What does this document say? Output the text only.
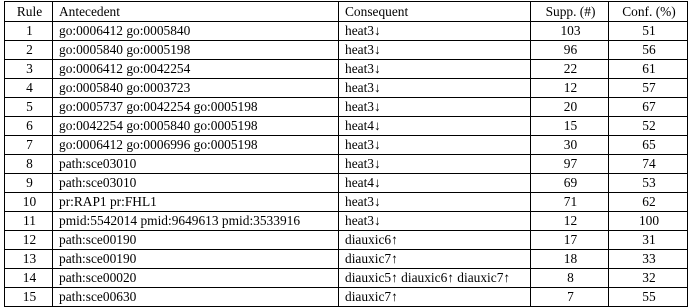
Rule	Antecedent	Consequent	Supp. (#)	Conf. (%)
1	go:0006412 go:0005840	heat3↓	103	51
2	go:0005840 go:0005198	heat3↓	96	56
3	go:0006412 go:0042254	heat3↓	22	61
4	go:0005840 go:0003723	heat3↓	12	57
5	go:0005737 go:0042254 go:0005198	heat3↓	20	67
6	go:0042254 go:0005840 go:0005198	heat4↓	15	52
7	go:0006412 go:0006996 go:0005198	heat3↓	30	65
8	path:sce03010	heat3↓	97	74
9	path:sce03010	heat4↓	69	53
10	pr:RAP1 pr:FHL1	heat3↓	71	62
11	pmid:5542014 pmid:9649613 pmid:3533916	heat3↓	12	100
12	path:sce00190	diauxic6↑	17	31
13	path:sce00190	diauxic7↑	18	33
14	path:sce00020	diauxic5↑ diauxic6↑ diauxic7↑	8	32
15	path:sce00630	diauxic7↑	7	55
